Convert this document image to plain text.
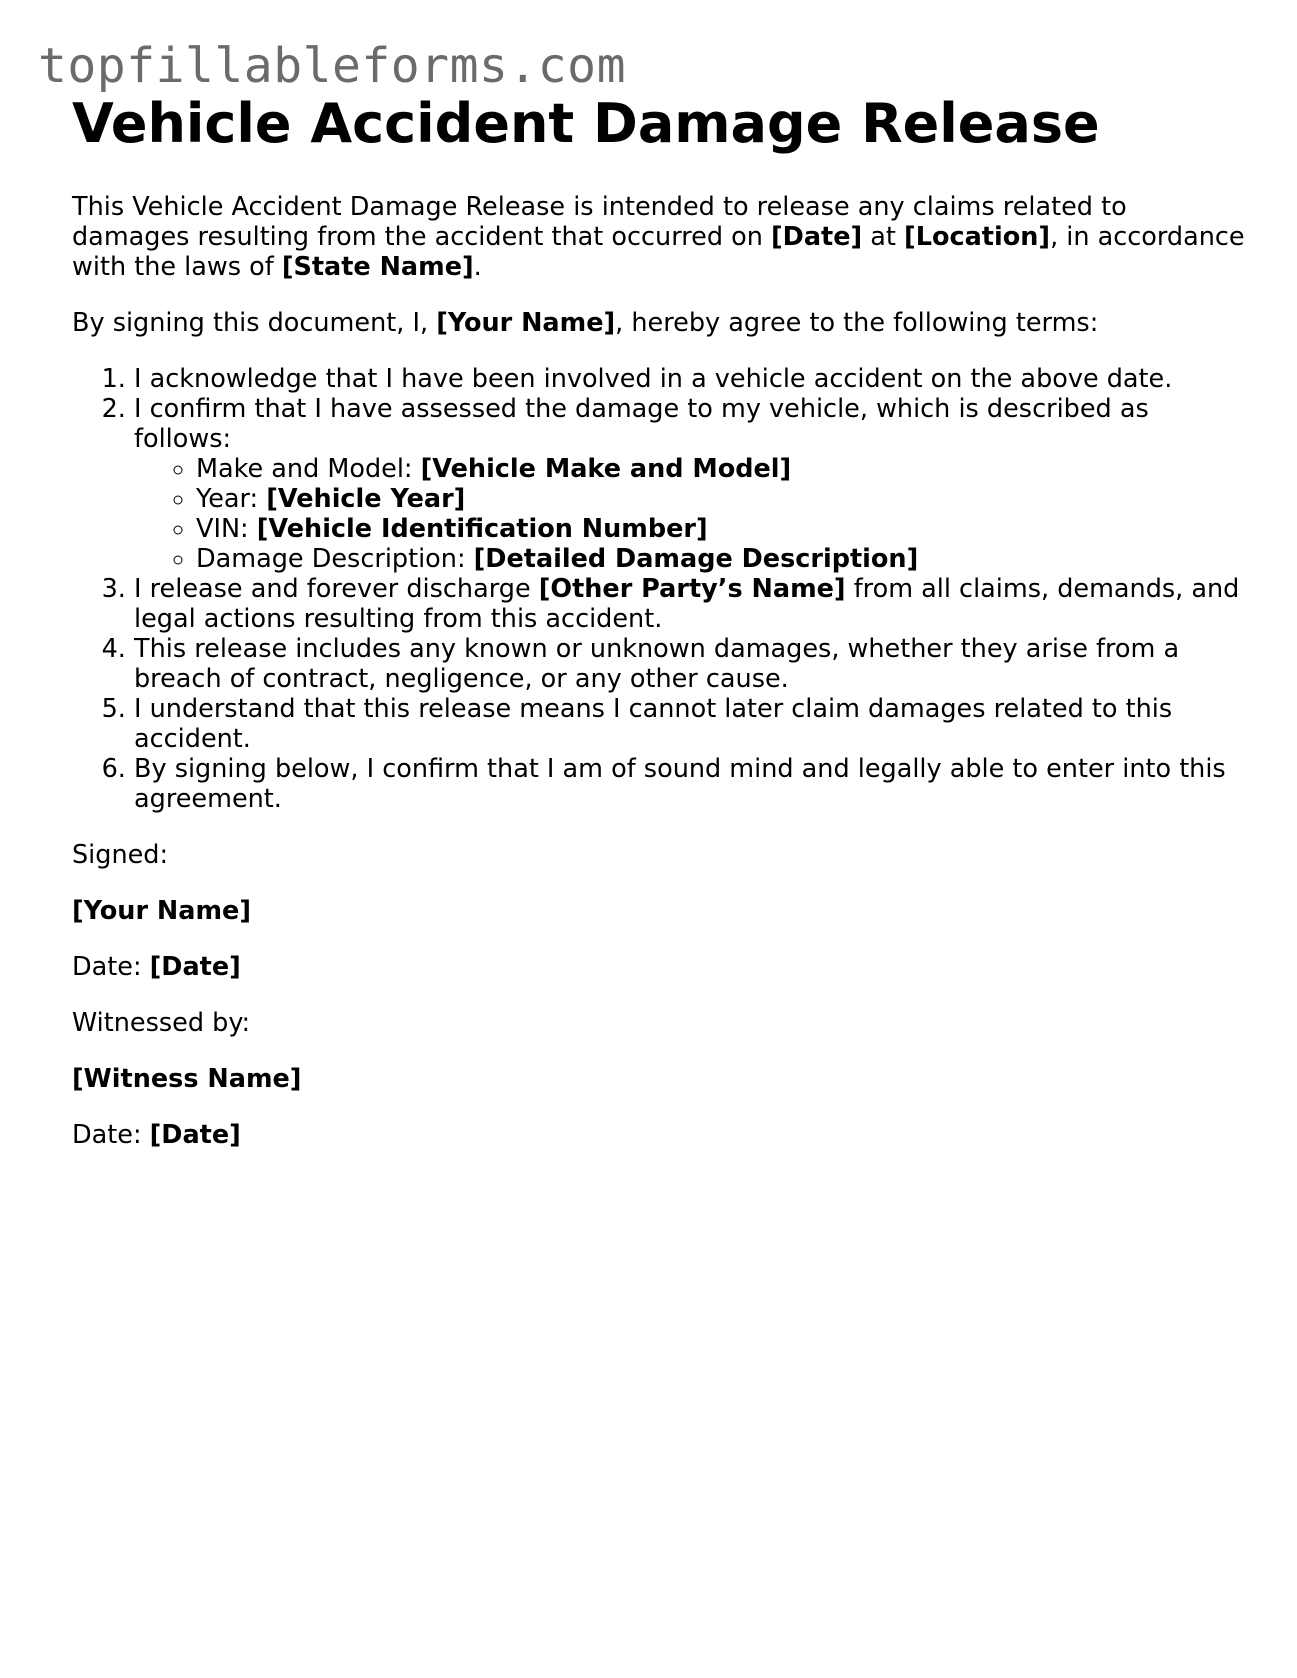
topfillableforms.com
Vehicle Accident Damage Release

This Vehicle Accident Damage Release is intended to release any claims related to damages resulting from the accident that occurred on [Date] at [Location], in accordance with the laws of [State Name].

By signing this document, I, [Your Name], hereby agree to the following terms:

1. I acknowledge that I have been involved in a vehicle accident on the above date.
2. I confirm that I have assessed the damage to my vehicle, which is described as follows:
◦ Make and Model: [Vehicle Make and Model]
◦ Year: [Vehicle Year]
◦ VIN: [Vehicle Identification Number]
◦ Damage Description: [Detailed Damage Description]
3. I release and forever discharge [Other Party’s Name] from all claims, demands, and legal actions resulting from this accident.
4. This release includes any known or unknown damages, whether they arise from a breach of contract, negligence, or any other cause.
5. I understand that this release means I cannot later claim damages related to this accident.
6. By signing below, I confirm that I am of sound mind and legally able to enter into this agreement.

Signed:

[Your Name]

Date: [Date]

Witnessed by:

[Witness Name]

Date: [Date]
